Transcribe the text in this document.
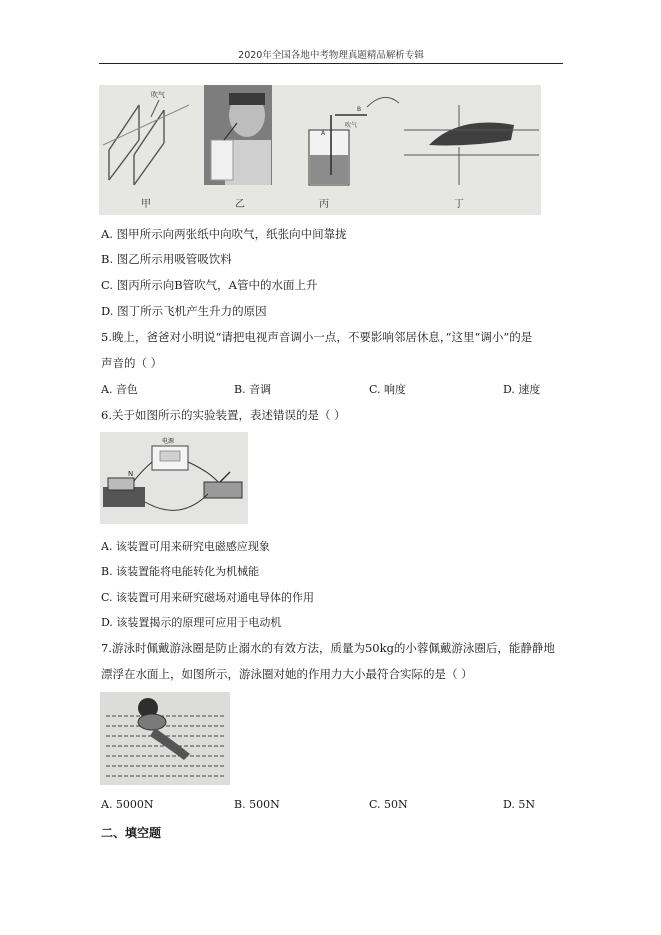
2020年全国各地中考物理真题精品解析专辑
吹气
甲	乙
A
B
吹气
丙	丁
A. 图甲所示向两张纸中向吹气，纸张向中间靠拢
B. 图乙所示用吸管吸饮料
C. 图丙所示向B管吹气，A管中的水面上升
D. 图丁所示飞机产生升力的原因
5.晚上，爸爸对小明说“请把电视声音调小一点，不要影响邻居休息，”这里“调小”的是
声音的（ ）
A. 音色	B. 音调	C. 响度	D. 速度
6.关于如图所示的实验装置，表述错误的是（ ）
电源
N
A. 该装置可用来研究电磁感应现象
B. 该装置能将电能转化为机械能
C. 该装置可用来研究磁场对通电导体的作用
D. 该装置揭示的原理可应用于电动机
7.游泳时佩戴游泳圈是防止溺水的有效方法，质量为50kg的小蓉佩戴游泳圈后，能静静地
漂浮在水面上，如图所示，游泳圈对她的作用力大小最符合实际的是（ ）
A. 5000N	B. 500N	C. 50N	D. 5N
二、填空题
